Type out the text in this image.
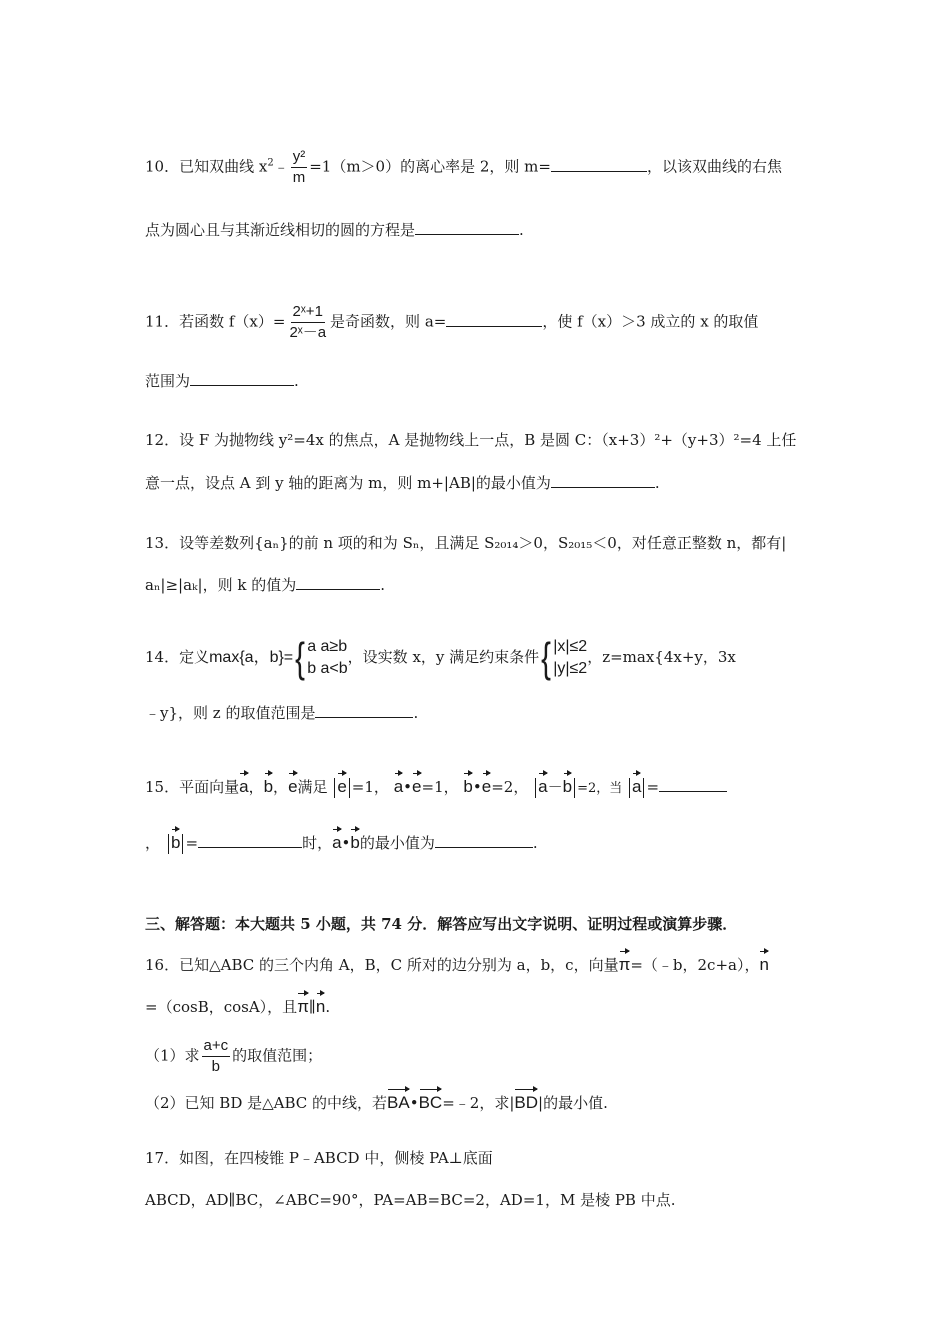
10．已知双曲线 $x^2﹣ \frac{\text{y²}}{m} =1(m>0)$的离心率是 2，则 m=	，以该双曲线的右焦
点为圆心且与其渐近线相切的圆的方程是	.
11．若函数 $f(x)= \frac{\text{2ˣ+1}}{\text{2ˣ－a}}$ 是奇函数，则 a=	，使 f（x）＞3 成立的 x 的取值
范围为	.
12．设 F 为抛物线 y²=4x 的焦点，A 是抛物线上一点，B 是圆 C：（x+3）²+（y+3）²=4 上任
意一点，设点 A 到 y 轴的距离为 m，则 m+|AB|的最小值为	.
13．设等差数列{aₙ}的前 n 项的和为 Sₙ，且满足 S₂₀₁₄＞0，S₂₀₁₅＜0，对任意正整数 n，都有|
aₙ|≥|aₖ|，则 k 的值为	.
14．定义max{a，b}={ a a≥b
b a<b
，设实数 x，y 满足约束条件{ |x|≤2
|y|≤2
，z=max{4x+y，3x
﹣y}，则 z 的取值范围是	.
15．平面向量a，b，e满足 e =1， a•e=1， b•e=2， a－b =2，当 a =
， b =	时，a•b的最小值为	.
三、解答题：本大题共 5 小题，共 74 分．解答应写出文字说明、证明过程或演算步骤．
16．已知△ABC 的三个内角 A，B，C 所对的边分别为 a，b，c，向量π=（﹣b，2c+a），n
=（cosB，cosA），且π∥n.
（1）求 $\frac{a+c}{b}$ 的取值范围；
（2）已知 BD 是△ABC 的中线，若BA•BC=﹣2，求|BD|的最小值.
17．如图，在四棱锥 P﹣ABCD 中，侧棱 PA⊥底面
ABCD，AD∥BC，∠ABC=90°，PA=AB=BC=2，AD=1，M 是棱 PB 中点.
